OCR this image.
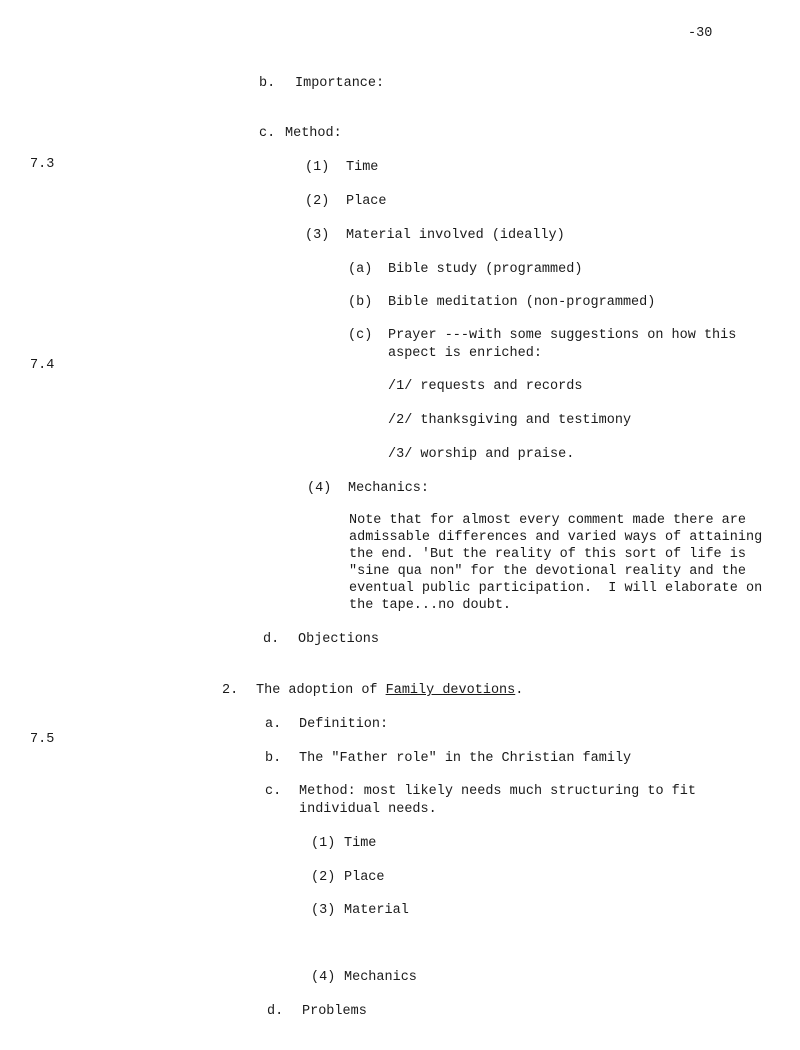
-30
7.3
7.4
7.5
b. Importance:
c. Method:
(1) Time
(2) Place
(3) Material involved (ideally)
(a) Bible study (programmed)
(b) Bible meditation (non-programmed)
(c) Prayer ---with some suggestions on how this
aspect is enriched:
/1/ requests and records
/2/ thanksgiving and testimony
/3/ worship and praise.
(4) Mechanics:
Note that for almost every comment made there are
admissable differences and varied ways of attaining
the end. 'But the reality of this sort of life is
"sine qua non" for the devotional reality and the
eventual public participation.  I will elaborate on
the tape...no doubt.
d. Objections
2. The adoption of Family devotions.
a. Definition:
b. The "Father role" in the Christian family
c. Method: most likely needs much structuring to fit
individual needs.
(1) Time
(2) Place
(3) Material
(4) Mechanics
d. Problems
